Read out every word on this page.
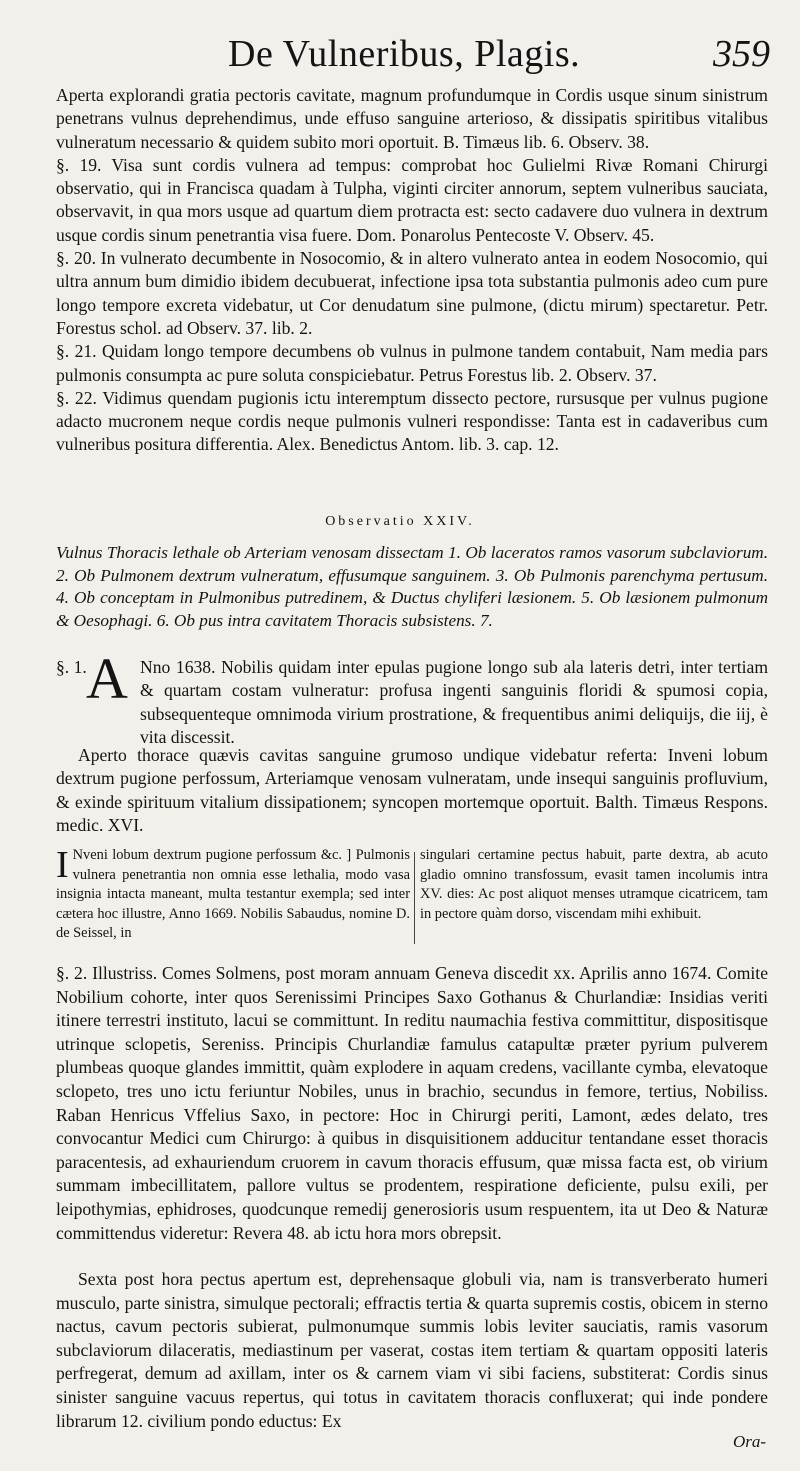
De Vulneribus, Plagis.	359

Aperta explorandi gratia pectoris cavitate, magnum profundumque in Cordis usque sinum sinistrum penetrans vulnus deprehendimus, unde effuso sanguine arterioso, & dissipatis spiritibus vitalibus vulneratum necessario & quidem subito mori oportuit. B. Timæus lib. 6. Observ. 38.

§. 19. Visa sunt cordis vulnera ad tempus: comprobat hoc Gulielmi Rivæ Romani Chirurgi observatio, qui in Francisca quadam à Tulpha, viginti circiter annorum, septem vulneribus sauciata, observavit, in qua mors usque ad quartum diem protracta est: secto cadavere duo vulnera in dextrum usque cordis sinum penetrantia visa fuere. Dom. Ponarolus Pentecoste V. Observ. 45.

§. 20. In vulnerato decumbente in Nosocomio, & in altero vulnerato antea in eodem Nosocomio, qui ultra annum bum dimidio ibidem decubuerat, infectione ipsa tota substantia pulmonis adeo cum pure longo tempore excreta videbatur, ut Cor denudatum sine pulmone, (dictu mirum) spectaretur. Petr. Forestus schol. ad Observ. 37. lib. 2.

§. 21. Quidam longo tempore decumbens ob vulnus in pulmone tandem contabuit, Nam media pars pulmonis consumpta ac pure soluta conspiciebatur. Petrus Forestus lib. 2. Observ. 37.

§. 22. Vidimus quendam pugionis ictu interemptum dissecto pectore, rursusque per vulnus pugione adacto mucronem neque cordis neque pulmonis vulneri respondisse: Tanta est in cadaveribus cum vulneribus positura differentia. Alex. Benedictus Antom. lib. 3. cap. 12.

Observatio XXIV.
Vulnus Thoracis lethale ob Arteriam venosam dissectam 1. Ob laceratos ramos vasorum subclaviorum. 2. Ob Pulmonem dextrum vulneratum, effusumque sanguinem. 3. Ob Pulmonis parenchyma pertusum. 4. Ob conceptam in Pulmonibus putredinem, & Ductus chyliferi læsionem. 5. Ob læsionem pulmonum & Oesophagi. 6. Ob pus intra cavitatem Thoracis subsistens. 7.
§. 1. A Nno 1638. Nobilis quidam inter epulas pugione longo sub ala lateris detri, inter tertiam & quartam costam vulneratur: profusa ingenti sanguinis floridi & spumosi copia, subsequenteque omnimoda virium prostratione, & frequentibus animi deliquijs, die iij, è vita discessit.
Aperto thorace quævis cavitas sanguine grumoso undique videbatur referta: Inveni lobum dextrum pugione perfossum, Arteriamque venosam vulneratam, unde insequi sanguinis profluvium, & exinde spirituum vitalium dissipationem; syncopen mortemque oportuit. Balth. Timæus Respons. medic. XVI.
I Nveni lobum dextrum pugione perfossum &c. ] Pulmonis vulnera penetrantia non omnia esse lethalia, modo vasa insignia intacta maneant, multa testantur exempla; sed inter cætera hoc illustre, Anno 1669. Nobilis Sabaudus, nomine D. de Seissel, in
singulari certamine pectus habuit, parte dextra, ab acuto gladio omnino transfossum, evasit tamen incolumis intra XV. dies: Ac post aliquot menses utramque cicatricem, tam in pectore quàm dorso, viscendam mihi exhibuit.
§. 2. Illustriss. Comes Solmens, post moram annuam Geneva discedit xx. Aprilis anno 1674. Comite Nobilium cohorte, inter quos Serenissimi Principes Saxo Gothanus & Churlandiæ: Insidias veriti itinere terrestri instituto, lacui se committunt. In reditu naumachia festiva committitur, dispositisque utrinque sclopetis, Sereniss. Principis Churlandiæ famulus catapultæ præter pyrium pulverem plumbeas quoque glandes immittit, quàm explodere in aquam credens, vacillante cymba, elevatoque sclopeto, tres uno ictu feriuntur Nobiles, unus in brachio, secundus in femore, tertius, Nobiliss. Raban Henricus Vffelius Saxo, in pectore: Hoc in Chirurgi periti, Lamont, ædes delato, tres convocantur Medici cum Chirurgo: à quibus in disquisitionem adducitur tentandane esset thoracis paracentesis, ad exhauriendum cruorem in cavum thoracis effusum, quæ missa facta est, ob virium summam imbecillitatem, pallore vultus se prodentem, respiratione deficiente, pulsu exili, per leipothymias, ephidroses, quodcunque remedij generosioris usum respuentem, ita ut Deo & Naturæ committendus videretur: Revera 48. ab ictu hora mors obrepsit.
Sexta post hora pectus apertum est, deprehensaque globuli via, nam is transverberato humeri musculo, parte sinistra, simulque pectorali; effractis tertia & quarta supremis costis, obicem in sterno nactus, cavum pectoris subierat, pulmonumque summis lobis leviter sauciatis, ramis vasorum subclaviorum dilaceratis, mediastinum per vaserat, costas item tertiam & quartam oppositi lateris perfregerat, demum ad axillam, inter os & carnem viam vi sibi faciens, substiterat: Cordis sinus sinister sanguine vacuus repertus, qui totus in cavitatem thoracis confluxerat; qui inde pondere librarum 12. civilium pondo eductus: Ex
Ora-
